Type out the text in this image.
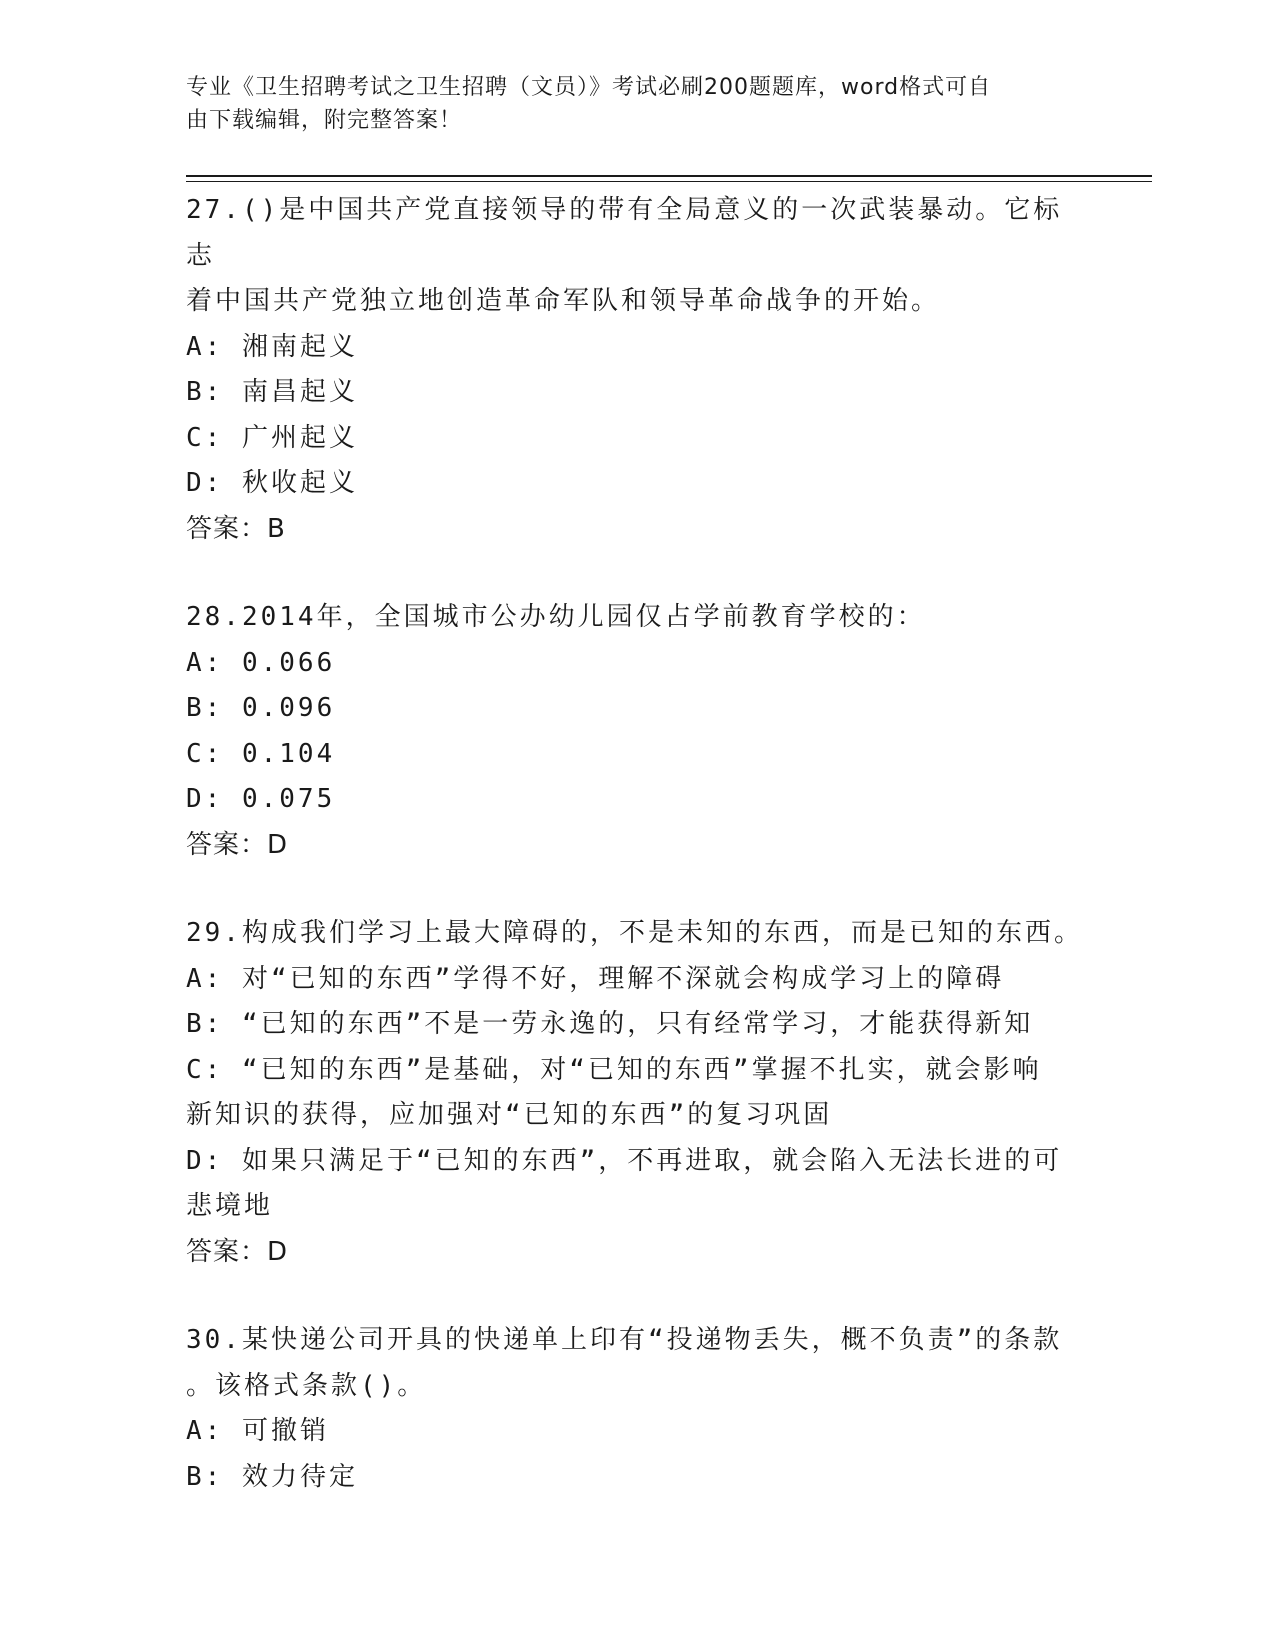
专业《卫生招聘考试之卫生招聘（文员）》考试必刷200题题库，word格式可自
由下载编辑，附完整答案！

27.()是中国共产党直接领导的带有全局意义的一次武装暴动。它标志

着中国共产党独立地创造革命军队和领导革命战争的开始。

A: 湘南起义

B: 南昌起义

C: 广州起义

D: 秋收起义

答案：B

28.2014年，全国城市公办幼儿园仅占学前教育学校的：

A: 0.066

B: 0.096

C: 0.104

D: 0.075

答案：D

29.构成我们学习上最大障碍的，不是未知的东西，而是已知的东西。

A: 对“已知的东西”学得不好，理解不深就会构成学习上的障碍

B: “已知的东西”不是一劳永逸的，只有经常学习，才能获得新知

C: “已知的东西”是基础，对“已知的东西”掌握不扎实，就会影响

新知识的获得，应加强对“已知的东西”的复习巩固

D: 如果只满足于“已知的东西”，不再进取，就会陷入无法长进的可

悲境地

答案：D

30.某快递公司开具的快递单上印有“投递物丢失，概不负责”的条款

。该格式条款()。

A: 可撤销

B: 效力待定
